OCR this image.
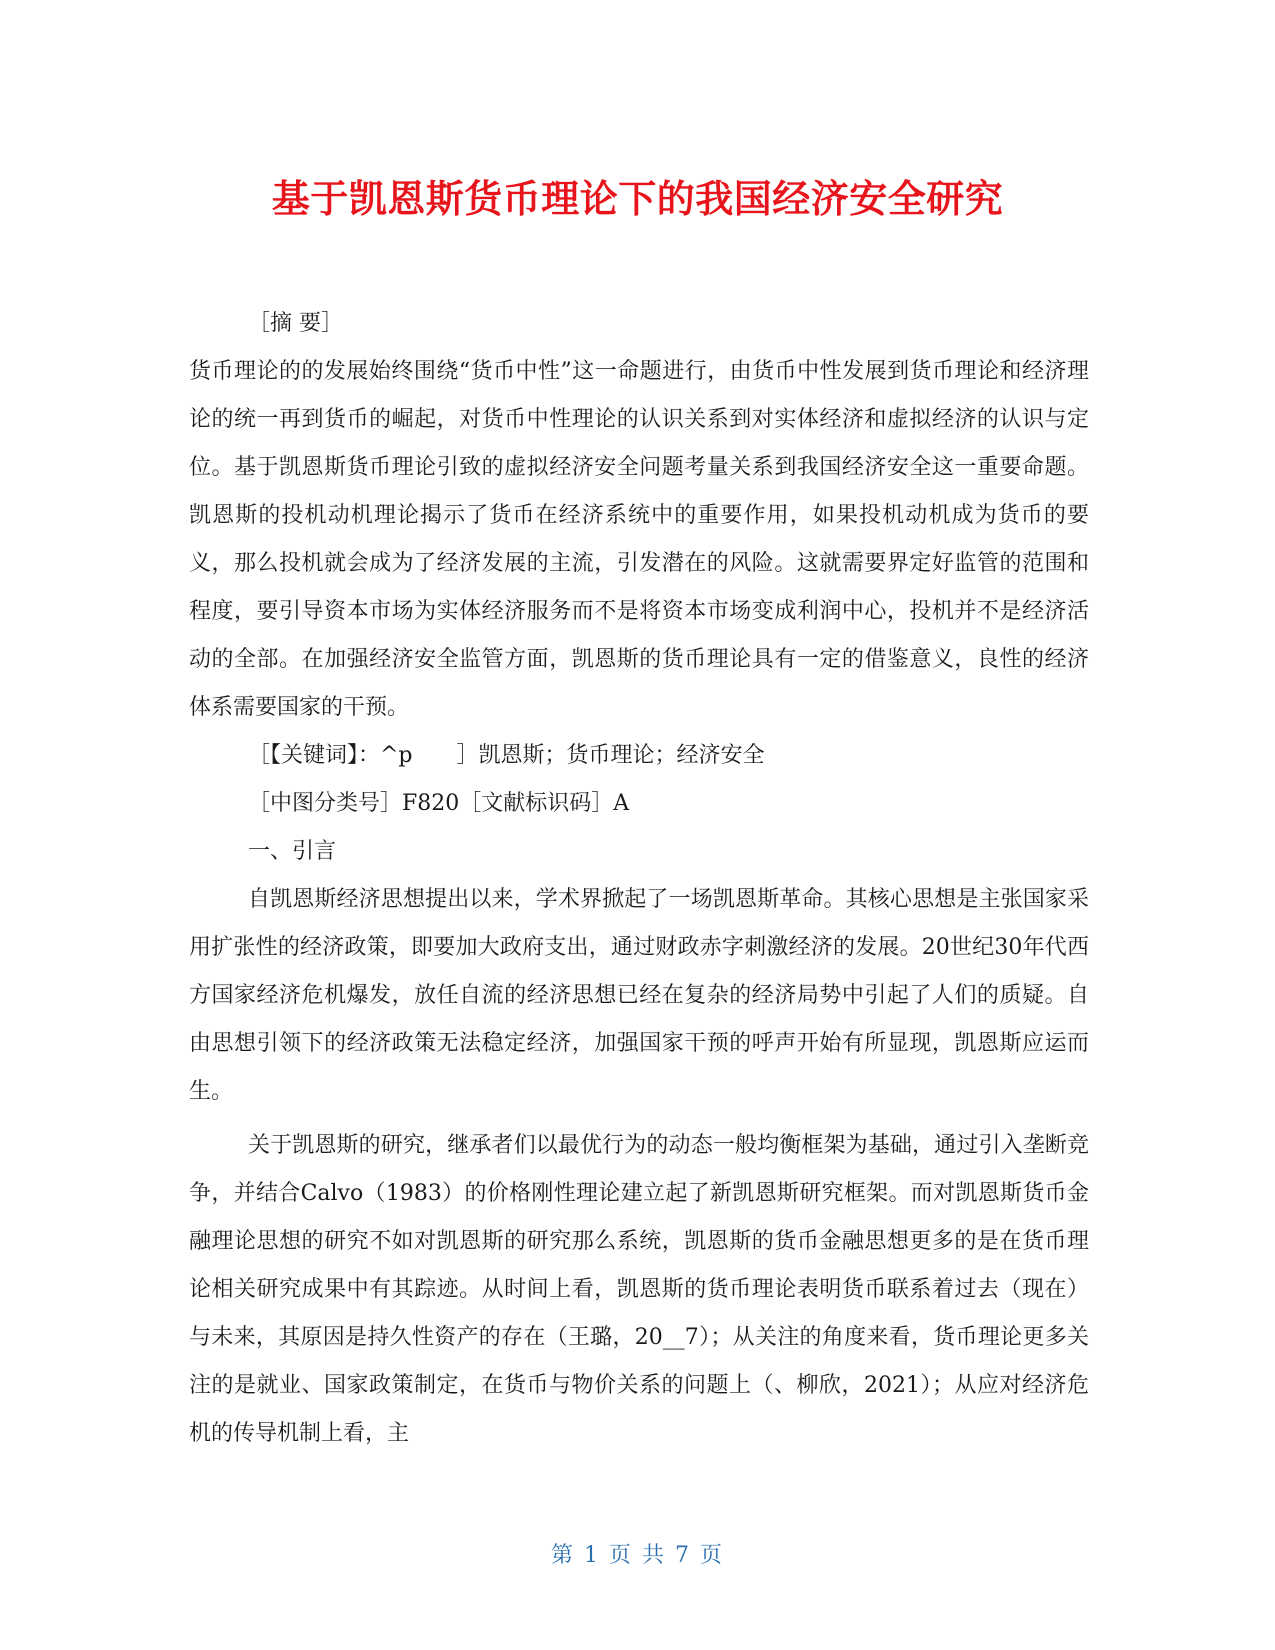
基于凯恩斯货币理论下的我国经济安全研究

［摘 要］

货币理论的的发展始终围绕“货币中性”这一命题进行，由货币中性发展到货币理论和经济理论的统一再到货币的崛起，对货币中性理论的认识关系到对实体经济和虚拟经济的认识与定位。基于凯恩斯货币理论引致的虚拟经济安全问题考量关系到我国经济安全这一重要命题。凯恩斯的投机动机理论揭示了货币在经济系统中的重要作用，如果投机动机成为货币的要义，那么投机就会成为了经济发展的主流，引发潜在的风险。这就需要界定好监管的范围和程度，要引导资本市场为实体经济服务而不是将资本市场变成利润中心，投机并不是经济活动的全部。在加强经济安全监管方面，凯恩斯的货币理论具有一定的借鉴意义，良性的经济体系需要国家的干预。

［【关键词】：^p　　］凯恩斯；货币理论；经济安全

［中图分类号］F820［文献标识码］A

一、引言

自凯恩斯经济思想提出以来，学术界掀起了一场凯恩斯革命。其核心思想是主张国家采用扩张性的经济政策，即要加大政府支出，通过财政赤字刺激经济的发展。20世纪30年代西方国家经济危机爆发，放任自流的经济思想已经在复杂的经济局势中引起了人们的质疑。自由思想引领下的经济政策无法稳定经济，加强国家干预的呼声开始有所显现，凯恩斯应运而生。

关于凯恩斯的研究，继承者们以最优行为的动态一般均衡框架为基础，通过引入垄断竞争，并结合Calvo（1983）的价格刚性理论建立起了新凯恩斯研究框架。而对凯恩斯货币金融理论思想的研究不如对凯恩斯的研究那么系统，凯恩斯的货币金融思想更多的是在货币理论相关研究成果中有其踪迹。从时间上看，凯恩斯的货币理论表明货币联系着过去（现在）与未来，其原因是持久性资产的存在（王璐，20__7）；从关注的角度来看，货币理论更多关注的是就业、国家政策制定，在货币与物价关系的问题上（、柳欣，2021）；从应对经济危机的传导机制上看，主

第 1 页 共 7 页
